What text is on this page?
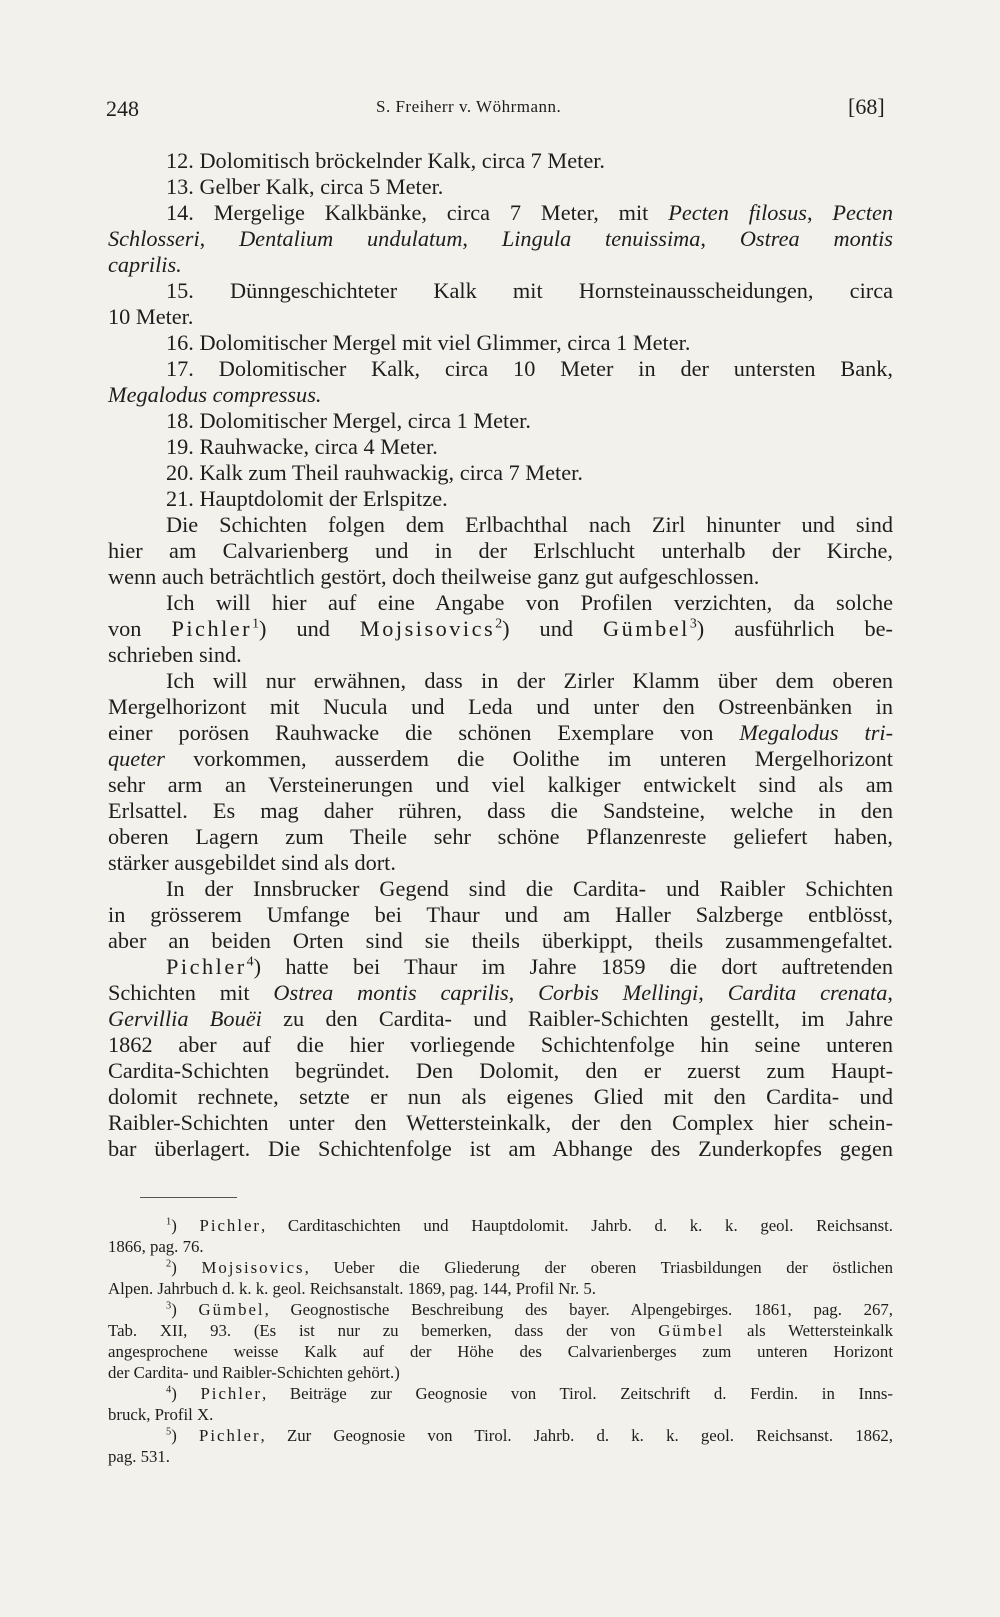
248	S. Freiherr v. Wöhrmann.	[68]

12. Dolomitisch bröckelnder Kalk, circa 7 Meter.

13. Gelber Kalk, circa 5 Meter.

14. Mergelige Kalkbänke, circa 7 Meter, mit Pecten filosus, Pecten

Schlosseri, Dentalium undulatum, Lingula tenuissima, Ostrea montis

caprilis.

15. Dünngeschichteter Kalk mit Hornsteinausscheidungen, circa

10 Meter.

16. Dolomitischer Mergel mit viel Glimmer, circa 1 Meter.

17. Dolomitischer Kalk, circa 10 Meter in der untersten Bank,

Megalodus compressus.

18. Dolomitischer Mergel, circa 1 Meter.

19. Rauhwacke, circa 4 Meter.

20. Kalk zum Theil rauhwackig, circa 7 Meter.

21. Hauptdolomit der Erlspitze.

Die Schichten folgen dem Erlbachthal nach Zirl hinunter und sind

hier am Calvarienberg und in der Erlschlucht unterhalb der Kirche,

wenn auch beträchtlich gestört, doch theilweise ganz gut aufgeschlossen.

Ich will hier auf eine Angabe von Profilen verzichten, da solche

von Pichler$^1$) und Mojsisovics$^2$) und Gümbel$^3$) ausführlich be-

schrieben sind.

Ich will nur erwähnen, dass in der Zirler Klamm über dem oberen

Mergelhorizont mit Nucula und Leda und unter den Ostreenbänken in

einer porösen Rauhwacke die schönen Exemplare von Megalodus tri-

queter vorkommen, ausserdem die Oolithe im unteren Mergelhorizont

sehr arm an Versteinerungen und viel kalkiger entwickelt sind als am

Erlsattel. Es mag daher rühren, dass die Sandsteine, welche in den

oberen Lagern zum Theile sehr schöne Pflanzenreste geliefert haben,

stärker ausgebildet sind als dort.

In der Innsbrucker Gegend sind die Cardita- und Raibler Schichten

in grösserem Umfange bei Thaur und am Haller Salzberge entblösst,

aber an beiden Orten sind sie theils überkippt, theils zusammengefaltet.

Pichler$^4$) hatte bei Thaur im Jahre 1859 die dort auftretenden

Schichten mit Ostrea montis caprilis, Corbis Mellingi, Cardita crenata,

Gervillia Bouëi zu den Cardita- und Raibler-Schichten gestellt, im Jahre

1862 aber auf die hier vorliegende Schichtenfolge hin seine unteren

Cardita-Schichten begründet. Den Dolomit, den er zuerst zum Haupt-

dolomit rechnete, setzte er nun als eigenes Glied mit den Cardita- und

Raibler-Schichten unter den Wettersteinkalk, der den Complex hier schein-

bar überlagert. Die Schichtenfolge ist am Abhange des Zunderkopfes gegen

$^1$) Pichler, Carditaschichten und Hauptdolomit. Jahrb. d. k. k. geol. Reichsanst.

1866, pag. 76.

$^2$) Mojsisovics, Ueber die Gliederung der oberen Triasbildungen der östlichen

Alpen. Jahrbuch d. k. k. geol. Reichsanstalt. 1869, pag. 144, Profil Nr. 5.

$^3$) Gümbel, Geognostische Beschreibung des bayer. Alpengebirges. 1861, pag. 267,

Tab. XII, 93. (Es ist nur zu bemerken, dass der von Gümbel als Wettersteinkalk

angesprochene weisse Kalk auf der Höhe des Calvarienberges zum unteren Horizont

der Cardita- und Raibler-Schichten gehört.)

$^4$) Pichler, Beiträge zur Geognosie von Tirol. Zeitschrift d. Ferdin. in Inns-

bruck, Profil X.

$^5$) Pichler, Zur Geognosie von Tirol. Jahrb. d. k. k. geol. Reichsanst. 1862,

pag. 531.
